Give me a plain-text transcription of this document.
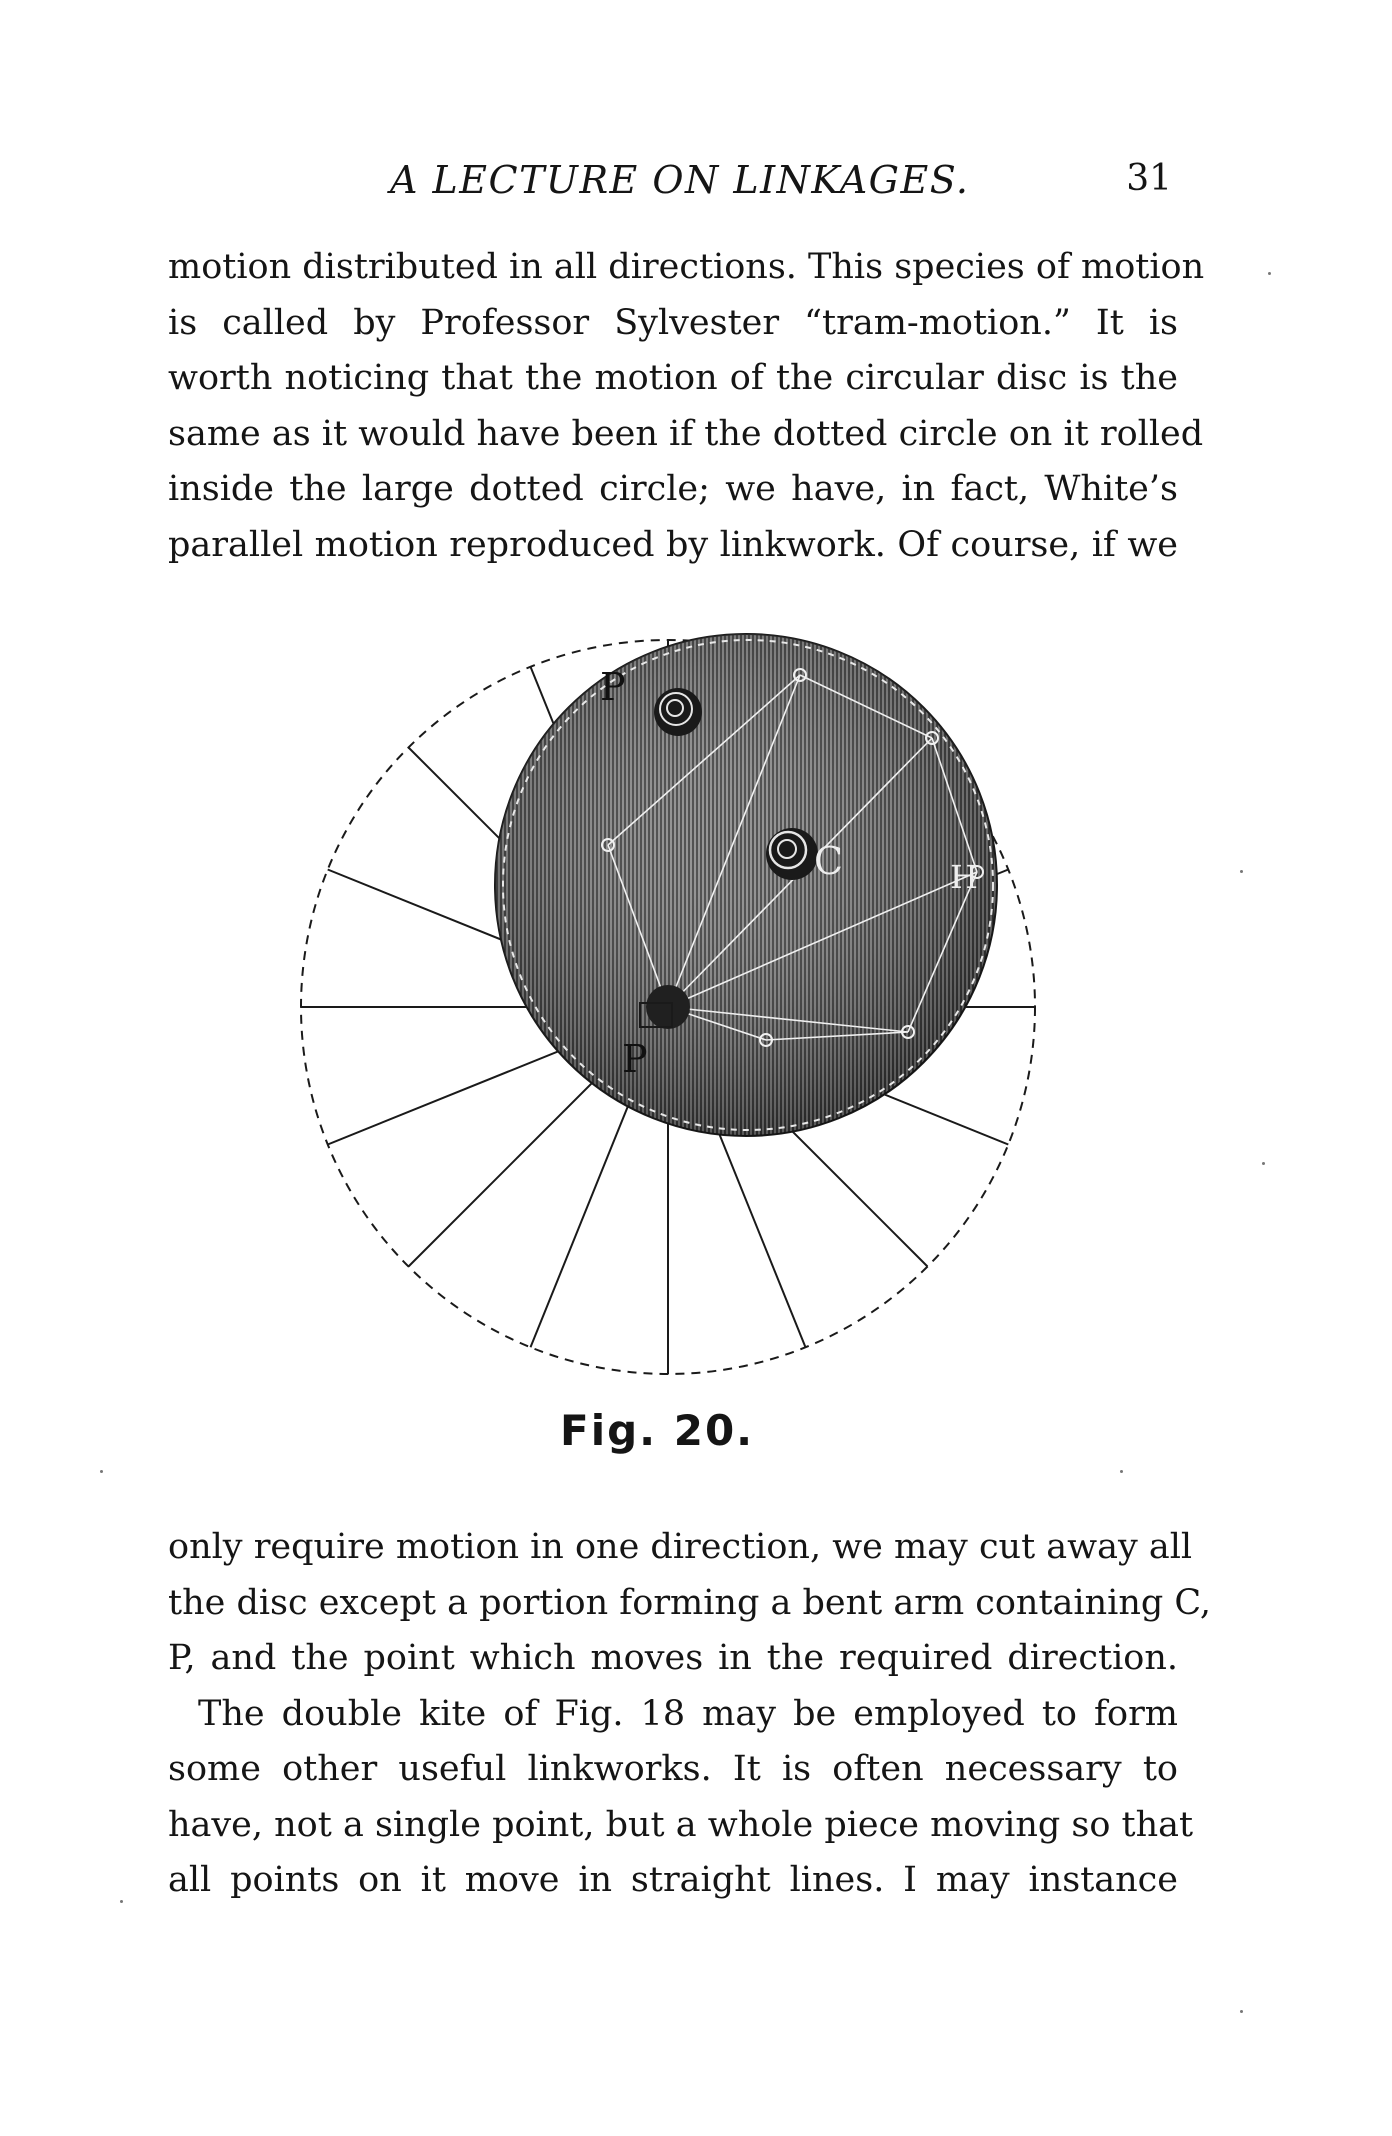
A LECTURE ON LINKAGES.	31
motion distributed in all directions. This species of motion
is called by Professor Sylvester “tram-motion.” It is
worth noticing that the motion of the circular disc is the
same as it would have been if the dotted circle on it rolled
inside the large dotted circle; we have, in fact, White’s
parallel motion reproduced by linkwork. Of course, if we
P
C	H
P
Fig. 20.
only require motion in one direction, we may cut away all
the disc except a portion forming a bent arm containing C,
P, and the point which moves in the required direction.
The double kite of Fig. 18 may be employed to form
some other useful linkworks. It is often necessary to
have, not a single point, but a whole piece moving so that
all points on it move in straight lines. I may instance
